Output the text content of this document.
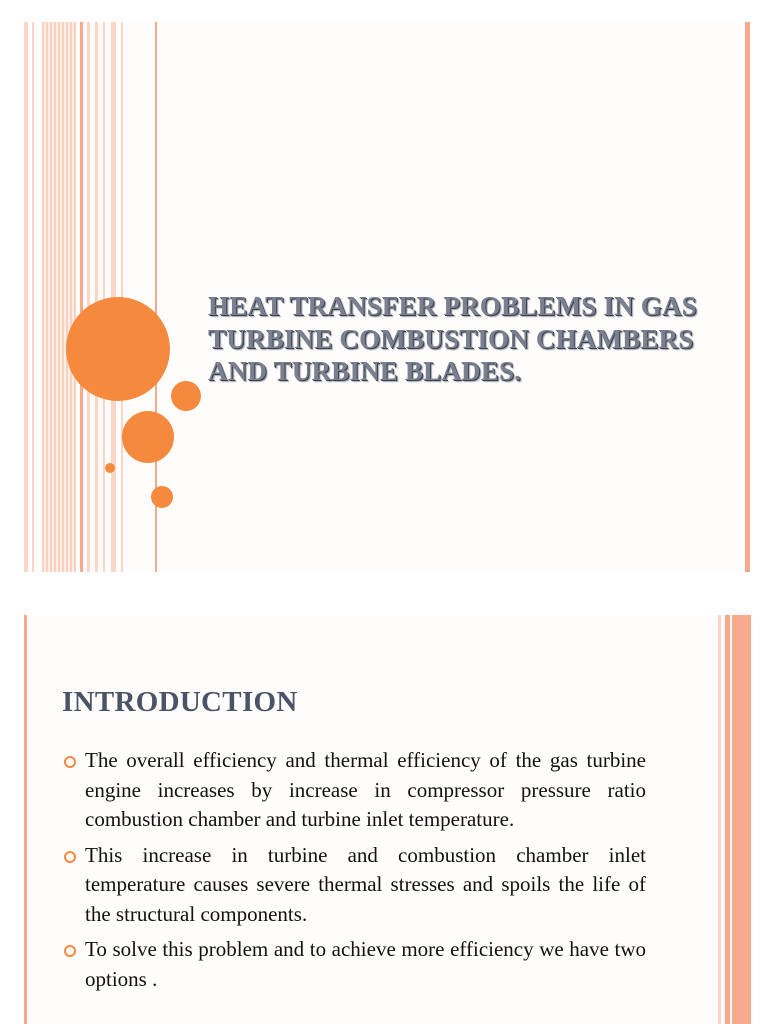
HEAT TRANSFER PROBLEMS IN GAS TURBINE COMBUSTION CHAMBERS AND TURBINE BLADES.
INTRODUCTION
The overall efficiency and thermal efficiency of the gas turbine engine increases by increase in compressor pressure ratio combustion chamber and turbine inlet temperature.
This increase in turbine and combustion chamber inlet temperature causes severe thermal stresses and spoils the life of the structural components.
To solve this problem and to achieve more efficiency we have two options .
